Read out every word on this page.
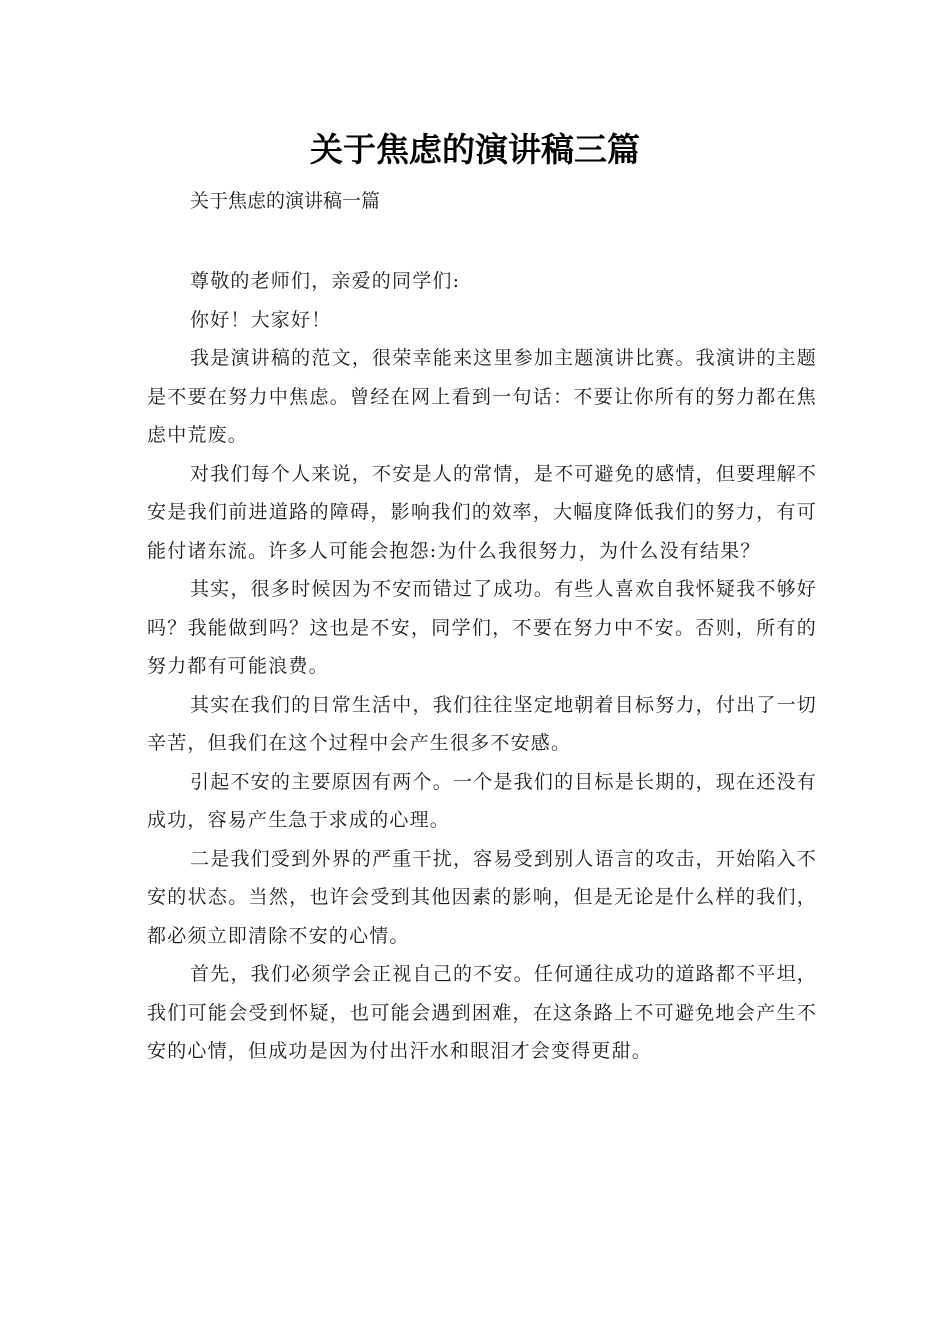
关于焦虑的演讲稿三篇
关于焦虑的演讲稿一篇

尊敬的老师们，亲爱的同学们:

你好！大家好！

我是演讲稿的范文，很荣幸能来这里参加主题演讲比赛。我演讲的主题是不要在努力中焦虑。曾经在网上看到一句话：不要让你所有的努力都在焦虑中荒废。

对我们每个人来说，不安是人的常情，是不可避免的感情，但要理解不安是我们前进道路的障碍，影响我们的效率，大幅度降低我们的努力，有可能付诸东流。许多人可能会抱怨:为什么我很努力，为什么没有结果？

其实，很多时候因为不安而错过了成功。有些人喜欢自我怀疑我不够好吗？我能做到吗？这也是不安，同学们，不要在努力中不安。否则，所有的努力都有可能浪费。

其实在我们的日常生活中，我们往往坚定地朝着目标努力，付出了一切辛苦，但我们在这个过程中会产生很多不安感。

引起不安的主要原因有两个。一个是我们的目标是长期的，现在还没有成功，容易产生急于求成的心理。

二是我们受到外界的严重干扰，容易受到别人语言的攻击，开始陷入不安的状态。当然，也许会受到其他因素的影响，但是无论是什么样的我们，都必须立即清除不安的心情。

首先，我们必须学会正视自己的不安。任何通往成功的道路都不平坦，我们可能会受到怀疑，也可能会遇到困难，在这条路上不可避免地会产生不安的心情，但成功是因为付出汗水和眼泪才会变得更甜。
